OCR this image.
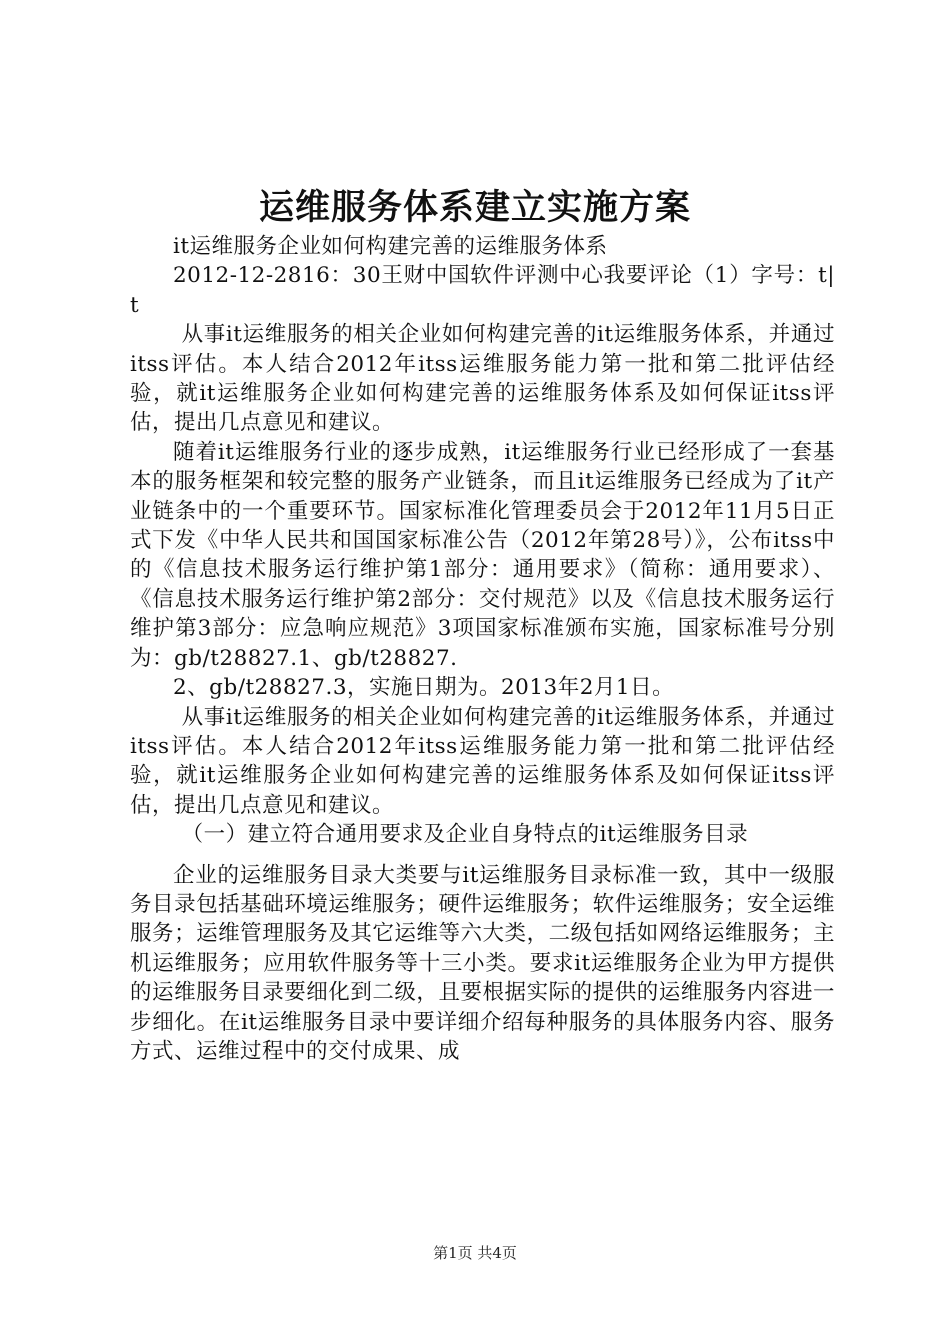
运维服务体系建立实施方案

it运维服务企业如何构建完善的运维服务体系

2012-12-2816：30王财中国软件评测中心我要评论（1）字号：t|t

从事it运维服务的相关企业如何构建完善的it运维服务体系，并通过itss评估。本人结合2012年itss运维服务能力第一批和第二批评估经验，就it运维服务企业如何构建完善的运维服务体系及如何保证itss评估，提出几点意见和建议。

随着it运维服务行业的逐步成熟，it运维服务行业已经形成了一套基本的服务框架和较完整的服务产业链条，而且it运维服务已经成为了it产业链条中的一个重要环节。国家标准化管理委员会于2012年11月5日正式下发《中华人民共和国国家标准公告（2012年第28号）》，公布itss中的《信息技术服务运行维护第1部分：通用要求》（简称：通用要求）、《信息技术服务运行维护第2部分：交付规范》以及《信息技术服务运行维护第3部分：应急响应规范》3项国家标准颁布实施，国家标准号分别为：gb/t28827.1、gb/t28827.

2、gb/t28827.3，实施日期为。2013年2月1日。

从事it运维服务的相关企业如何构建完善的it运维服务体系，并通过itss评估。本人结合2012年itss运维服务能力第一批和第二批评估经验，就it运维服务企业如何构建完善的运维服务体系及如何保证itss评估，提出几点意见和建议。

（一）建立符合通用要求及企业自身特点的it运维服务目录

企业的运维服务目录大类要与it运维服务目录标准一致，其中一级服务目录包括基础环境运维服务；硬件运维服务；软件运维服务；安全运维服务；运维管理服务及其它运维等六大类，二级包括如网络运维服务；主机运维服务；应用软件服务等十三小类。要求it运维服务企业为甲方提供的运维服务目录要细化到二级，且要根据实际的提供的运维服务内容进一步细化。在it运维服务目录中要详细介绍每种服务的具体服务内容、服务方式、运维过程中的交付成果、成

第1页 共4页
